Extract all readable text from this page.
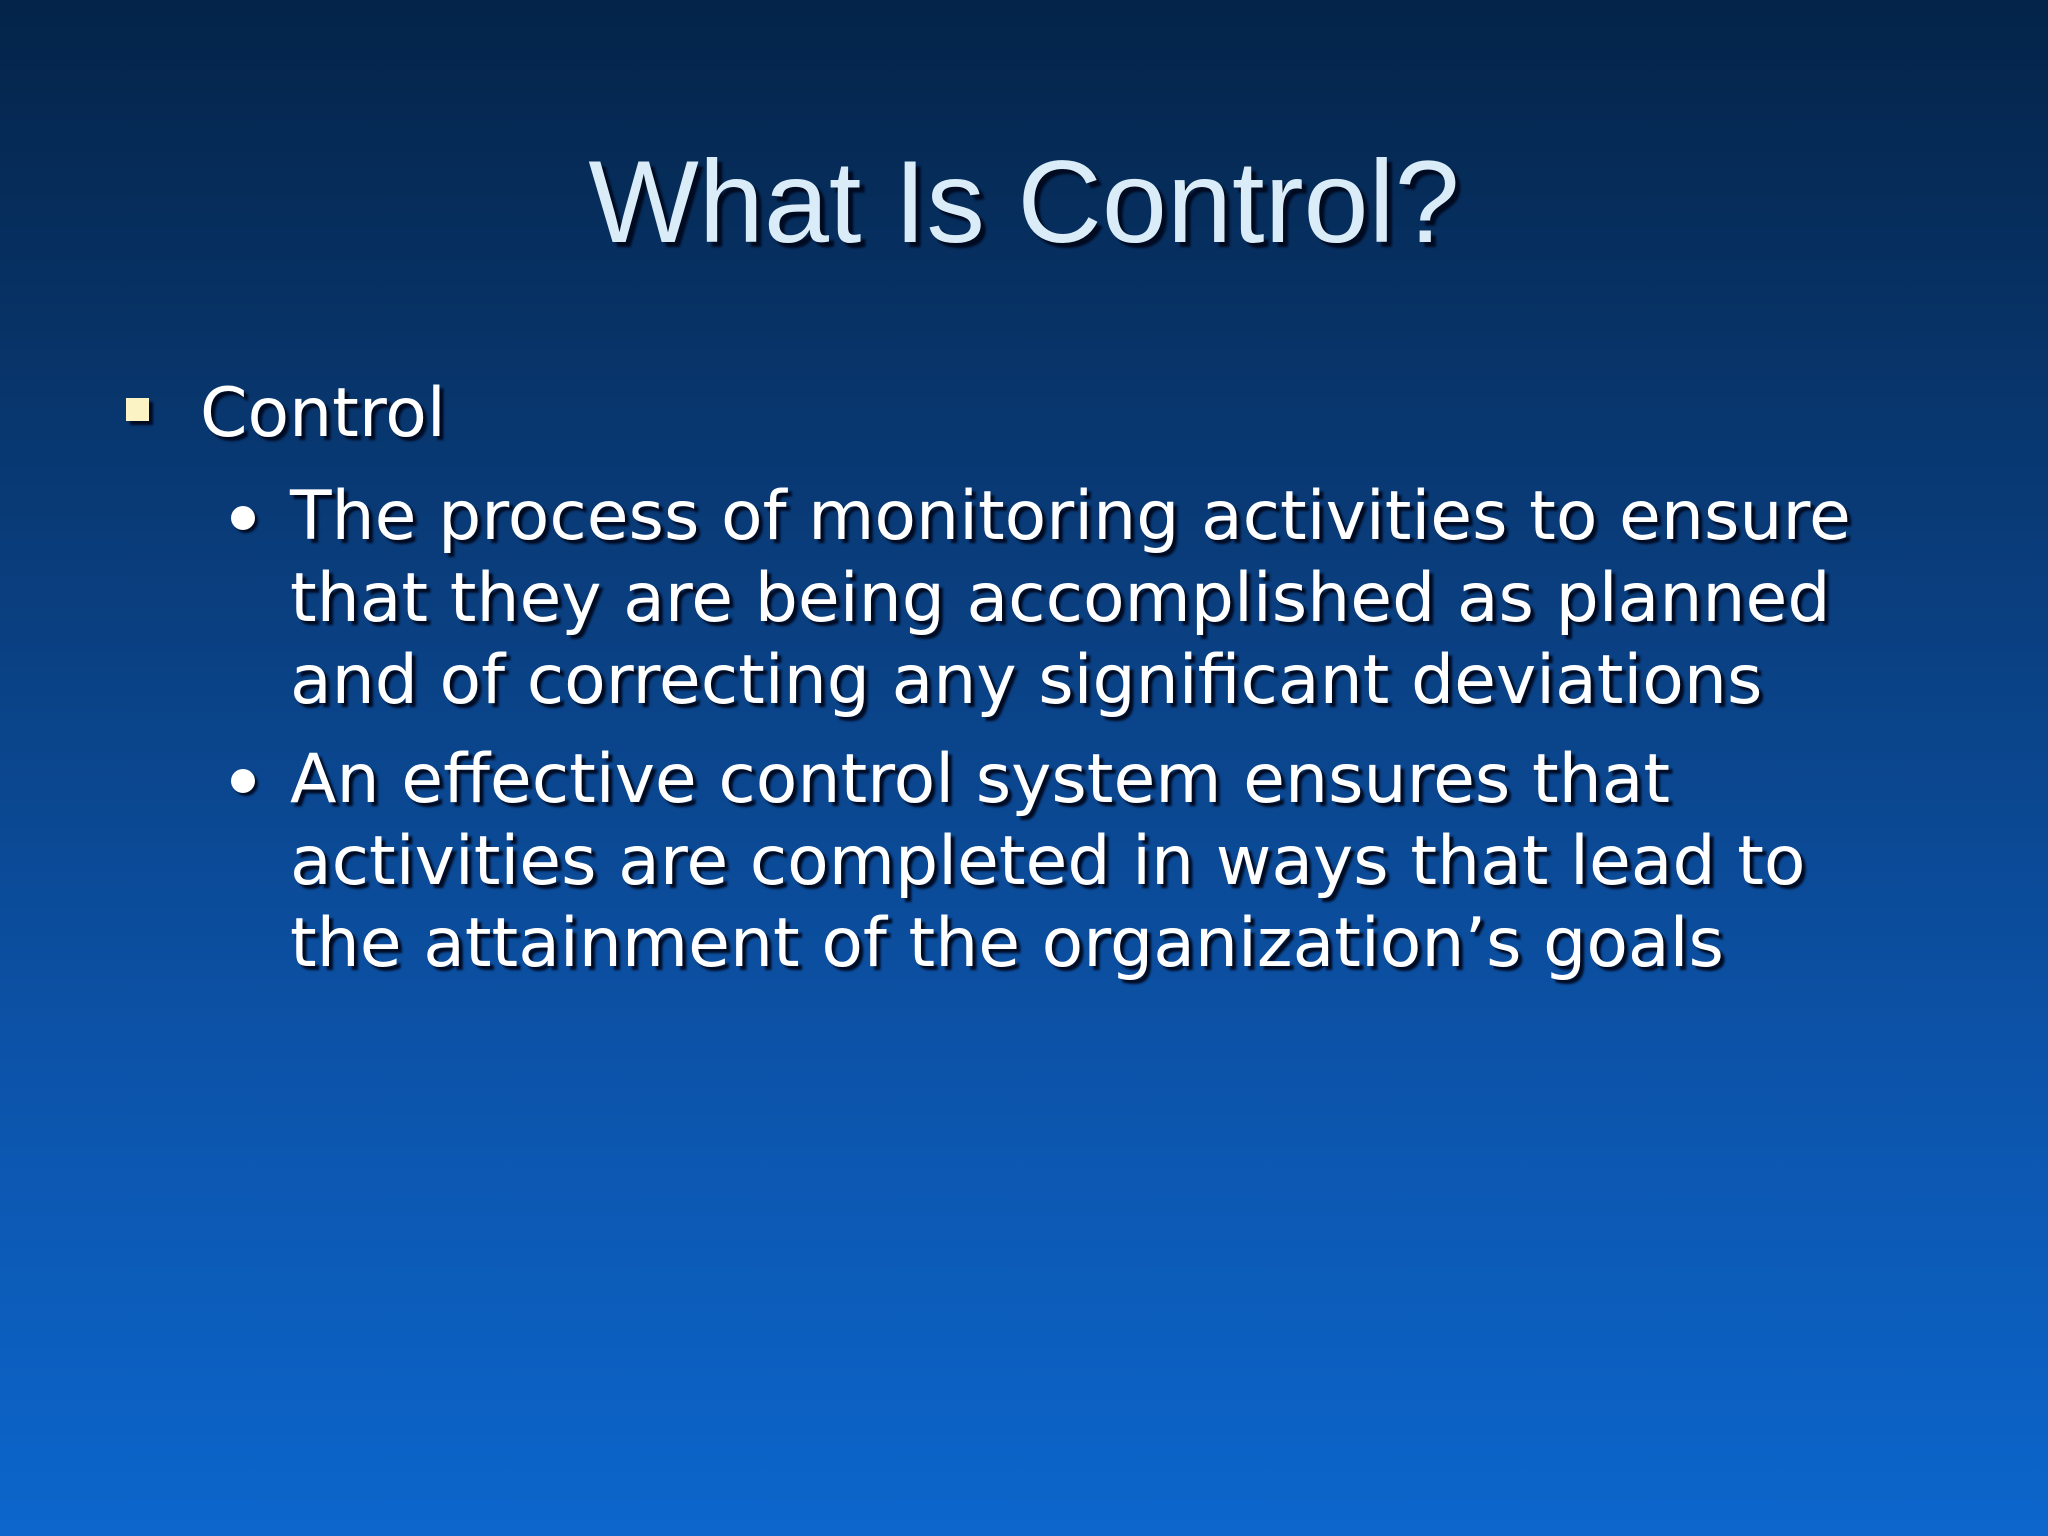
What Is Control?
Control
The process of monitoring activities to ensure
that they are being accomplished as planned
and of correcting any significant deviations
An effective control system ensures that
activities are completed in ways that lead to
the attainment of the organization’s goals
